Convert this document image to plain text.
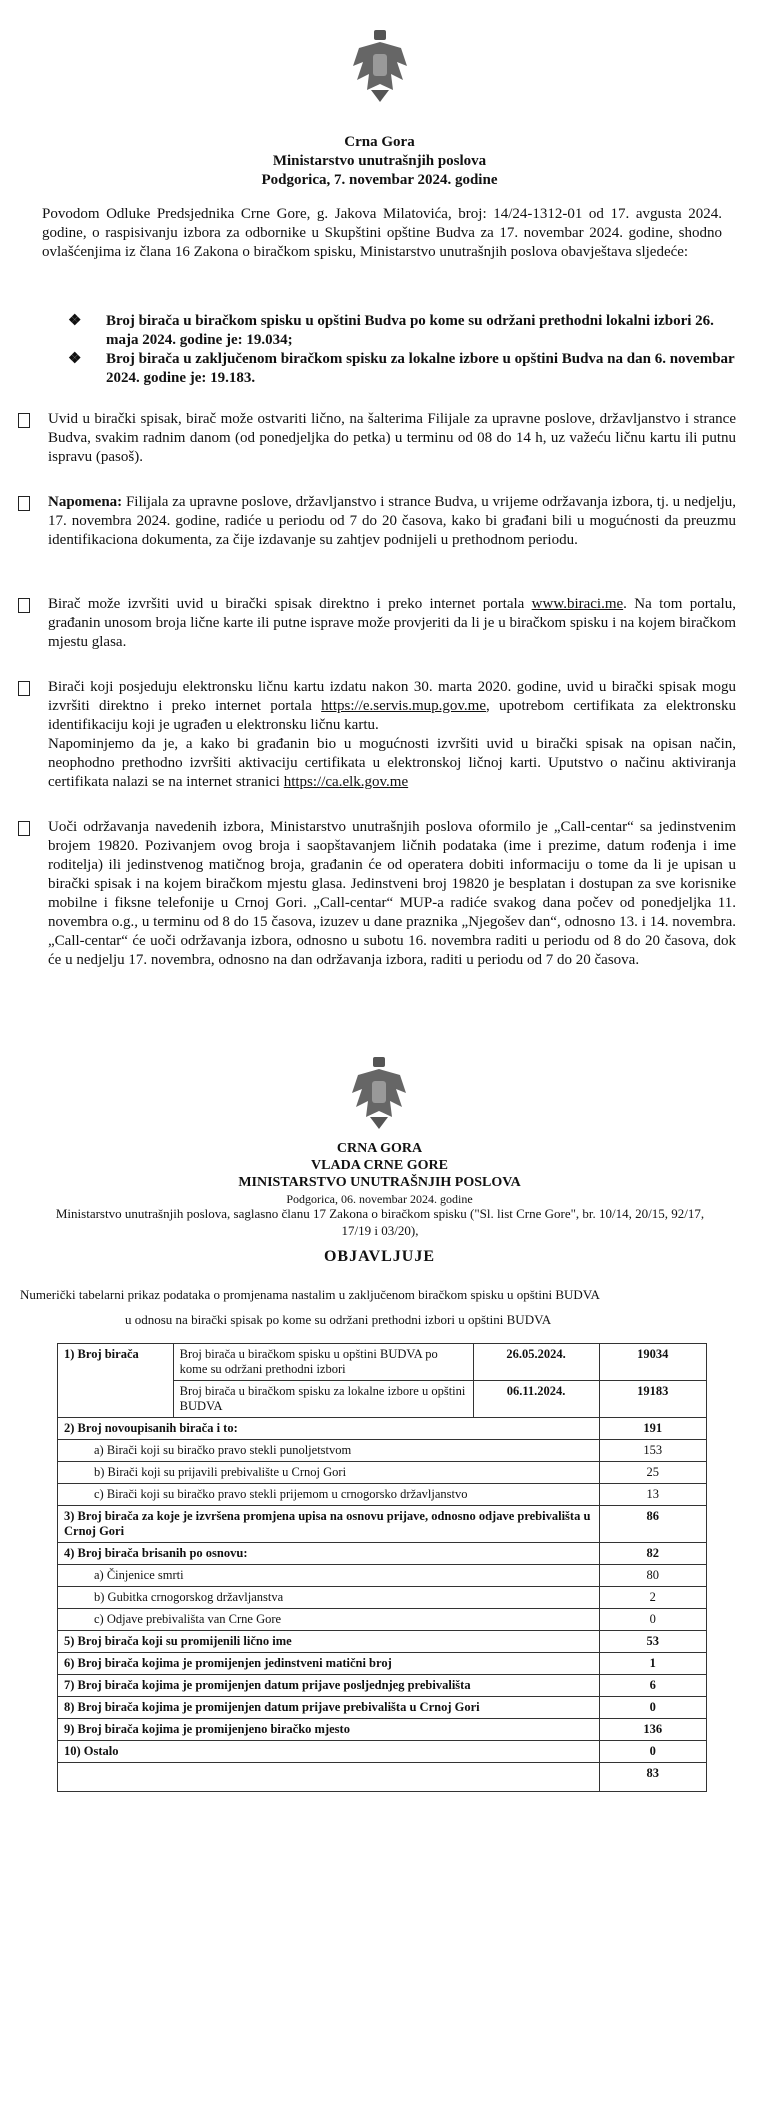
Crna Gora
Ministarstvo unutrašnjih poslova
Podgorica, 7. novembar 2024. godine
Povodom Odluke Predsjednika Crne Gore, g. Jakova Milatovića, broj: 14/24-1312-01 od 17. avgusta 2024. godine, o raspisivanju izbora za odbornike u Skupštini opštine Budva za 17. novembar 2024. godine, shodno ovlašćenjima iz člana 16 Zakona o biračkom spisku, Ministarstvo unutrašnjih poslova obavještava sljedeće:
❖ Broj birača u biračkom spisku u opštini Budva po kome su održani prethodni lokalni izbori 26. maja 2024. godine je: 19.034;
❖ Broj birača u zaključenom biračkom spisku za lokalne izbore u opštini Budva na dan 6. novembar 2024. godine je: 19.183.
Uvid u birački spisak, birač može ostvariti lično, na šalterima Filijale za upravne poslove, državljanstvo i strance Budva, svakim radnim danom (od ponedjeljka do petka) u terminu od 08 do 14 h, uz važeću ličnu kartu ili putnu ispravu (pasoš).
Napomena: Filijala za upravne poslove, državljanstvo i strance Budva, u vrijeme održavanja izbora, tj. u nedjelju, 17. novembra 2024. godine, radiće u periodu od 7 do 20 časova, kako bi građani bili u mogućnosti da preuzmu identifikaciona dokumenta, za čije izdavanje su zahtjev podnijeli u prethodnom periodu.
Birač može izvršiti uvid u birački spisak direktno i preko internet portala www.biraci.me. Na tom portalu, građanin unosom broja lične karte ili putne isprave može provjeriti da li je u biračkom spisku i na kojem biračkom mjestu glasa.
Birači koji posjeduju elektronsku ličnu kartu izdatu nakon 30. marta 2020. godine, uvid u birački spisak mogu izvršiti direktno i preko internet portala https://e.servis.mup.gov.me, upotrebom certifikata za elektronsku identifikaciju koji je ugrađen u elektronsku ličnu kartu.
Napominjemo da je, a kako bi građanin bio u mogućnosti izvršiti uvid u birački spisak na opisan način, neophodno prethodno izvršiti aktivaciju certifikata u elektronskoj ličnoj karti. Uputstvo o načinu aktiviranja certifikata nalazi se na internet stranici https://ca.elk.gov.me
Uoči održavanja navedenih izbora, Ministarstvo unutrašnjih poslova oformilo je „Call-centar“ sa jedinstvenim brojem 19820. Pozivanjem ovog broja i saopštavanjem ličnih podataka (ime i prezime, datum rođenja i ime roditelja) ili jedinstvenog matičnog broja, građanin će od operatera dobiti informaciju o tome da li je upisan u birački spisak i na kojem biračkom mjestu glasa. Jedinstveni broj 19820 je besplatan i dostupan za sve korisnike mobilne i fiksne telefonije u Crnoj Gori. „Call-centar“ MUP-a radiće svakog dana počev od ponedjeljka 11. novembra o.g., u terminu od 8 do 15 časova, izuzev u dane praznika „Njegošev dan“, odnosno 13. i 14. novembra. „Call-centar“ će uoči održavanja izbora, odnosno u subotu 16. novembra raditi u periodu od 8 do 20 časova, dok će u nedjelju 17. novembra, odnosno na dan održavanja izbora, raditi u periodu od 7 do 20 časova.
CRNA GORA
VLADA CRNE GORE
MINISTARSTVO UNUTRAŠNJIH POSLOVA
Podgorica, 06. novembar 2024. godine
Ministarstvo unutrašnjih poslova, saglasno članu 17 Zakona o biračkom spisku ("Sl. list Crne Gore", br. 10/14, 20/15, 92/17, 17/19 i 03/20),
OBJAVLJUJE
Numerički tabelarni prikaz podataka o promjenama nastalim u zaključenom biračkom spisku u opštini BUDVA
u odnosu na birački spisak po kome su održani prethodni izbori u opštini BUDVA
1) Broj birača	Broj birača u biračkom spisku u opštini BUDVA po kome su održani prethodni izbori	26.05.2024.	19034
	Broj birača u biračkom spisku za lokalne izbore u opštini BUDVA	06.11.2024.	19183
2) Broj novoupisanih birača i to:			191
a) Birači koji su biračko pravo stekli punoljetstvom			153
b) Birači koji su prijavili prebivalište u Crnoj Gori			25
c) Birači koji su biračko pravo stekli prijemom u crnogorsko državljanstvo			13
3) Broj birača za koje je izvršena promjena upisa na osnovu prijave, odnosno odjave prebivališta u Crnoj Gori			86
4) Broj birača brisanih po osnovu:			82
a) Činjenice smrti			80
b) Gubitka crnogorskog državljanstva			2
c) Odjave prebivališta van Crne Gore			0
5) Broj birača koji su promijenili lično ime			53
6) Broj birača kojima je promijenjen jedinstveni matični broj			1
7) Broj birača kojima je promijenjen datum prijave posljednjeg prebivališta			6
8) Broj birača kojima je promijenjen datum prijave prebivališta u Crnoj Gori			0
9) Broj birača kojima je promijenjeno biračko mjesto			136
10) Ostalo			0
			83
